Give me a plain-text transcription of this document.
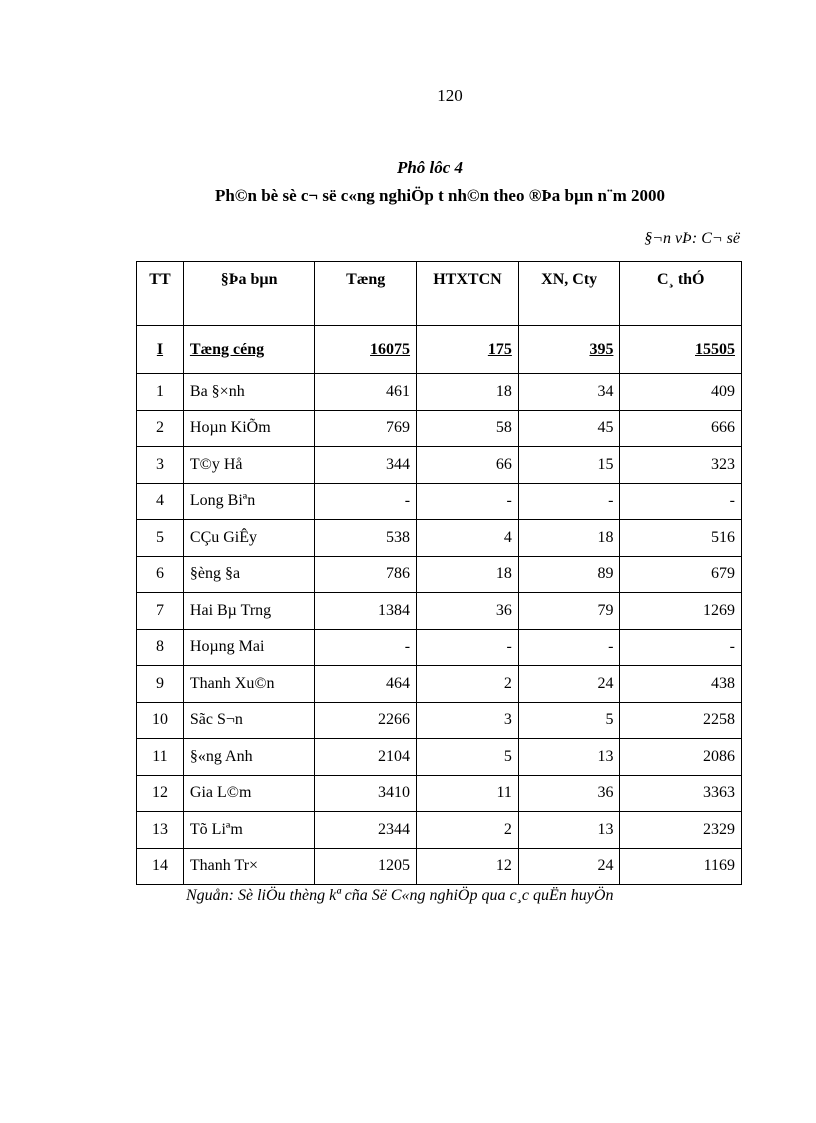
120
Phô lôc 4
Ph©n bè sè c¬ së c«ng nghiÖp t nh©n theo ®Þa bµn n¨m 2000
§¬n vÞ: C¬ së
TT	§Þa bµn	Tæng	HTXTCN	XN, Cty	C¸ thÓ
I	Tæng céng	16075	175	395	15505
1	Ba §×nh	461	18	34	409
2	Hoµn KiÕm	769	58	45	666
3	T©y Hå	344	66	15	323
4	Long Biªn	-	-	-	-
5	CÇu GiÊy	538	4	18	516
6	§èng §a	786	18	89	679
7	Hai Bµ Trng	1384	36	79	1269
8	Hoµng Mai	-	-	-	-
9	Thanh Xu©n	464	2	24	438
10	Sãc S¬n	2266	3	5	2258
11	§«ng Anh	2104	5	13	2086
12	Gia L©m	3410	11	36	3363
13	Tõ Liªm	2344	2	13	2329
14	Thanh Tr×	1205	12	24	1169
Nguån: Sè liÖu thèng kª cña Së C«ng nghiÖp qua c¸c quËn huyÖn
